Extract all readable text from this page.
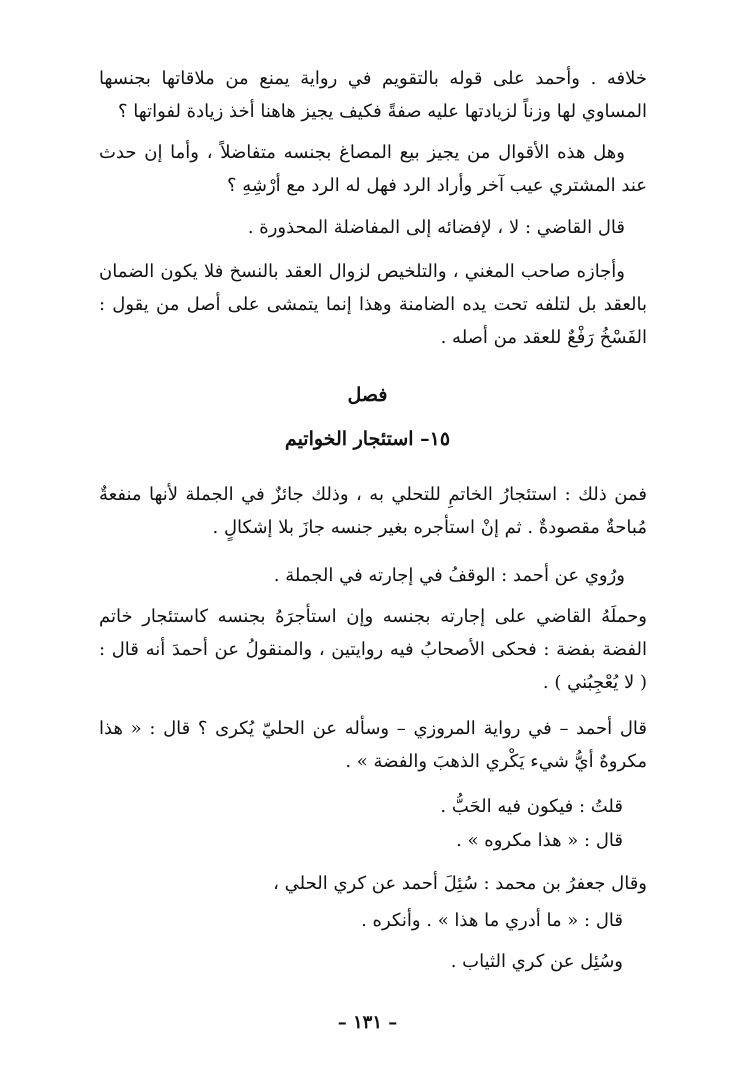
خلافه . وأحمد على قوله بالتقويم في رواية يمنع من ملاقاتها بجنسها المساوي لها وزناً لزيادتها عليه صفةً فكيف يجيز هاهنا أخذ زيادة لفواتها ؟

وهل هذه الأقوال من يجيز بيع المصاغ بجنسه متفاضلاً ، وأما إن حدث عند المشتري عيب آخر وأراد الرد فهل له الرد مع أرْشِهِ ؟

قال القاضي : لا ، لإفضائه إلى المفاضلة المحذورة .

وأجازه صاحب المغني ، والتلخيص لزوال العقد بالنسخ فلا يكون الضمان بالعقد بل لتلفه تحت يده الضامنة وهذا إنما يتمشى على أصل من يقول : الفَسْخُ رَفْعٌ للعقد من أصله .

فصل
١٥– استئجار الخواتيم

فمن ذلك : استئجارُ الخاتمِ للتحلي به ، وذلك جائزٌ في الجملة لأنها منفعةٌ مُباحةٌ مقصودةٌ . ثم إنْ استأجره بغير جنسه جازَ بلا إشكالٍ .

ورُوي عن أحمد : الوقفُ في إجارته في الجملة .

وحملَهُ القاضي على إجارته بجنسه وإن استأجرَهُ بجنسه كاستئجار خاتم الفضة بفضة : فحكى الأصحابُ فيه روايتين ، والمنقولُ عن أحمدَ أنه قال : ( لا يُعْجِبُني ) .

قال أحمد – في رواية المروزي – وسأله عن الحليّ يُكرى ؟ قال : « هذا مكروهٌ أيُّ شيء يَكْري الذهبَ والفضة » .

قلتُ : فيكون فيه الحَبُّ .

قال : « هذا مكروه » .

وقال جعفرُ بن محمد : سُئِلَ أحمد عن كري الحلي ،

قال : « ما أدري ما هذا » . وأنكره .

وسُئِل عن كري الثياب .

– ١٣١ –
